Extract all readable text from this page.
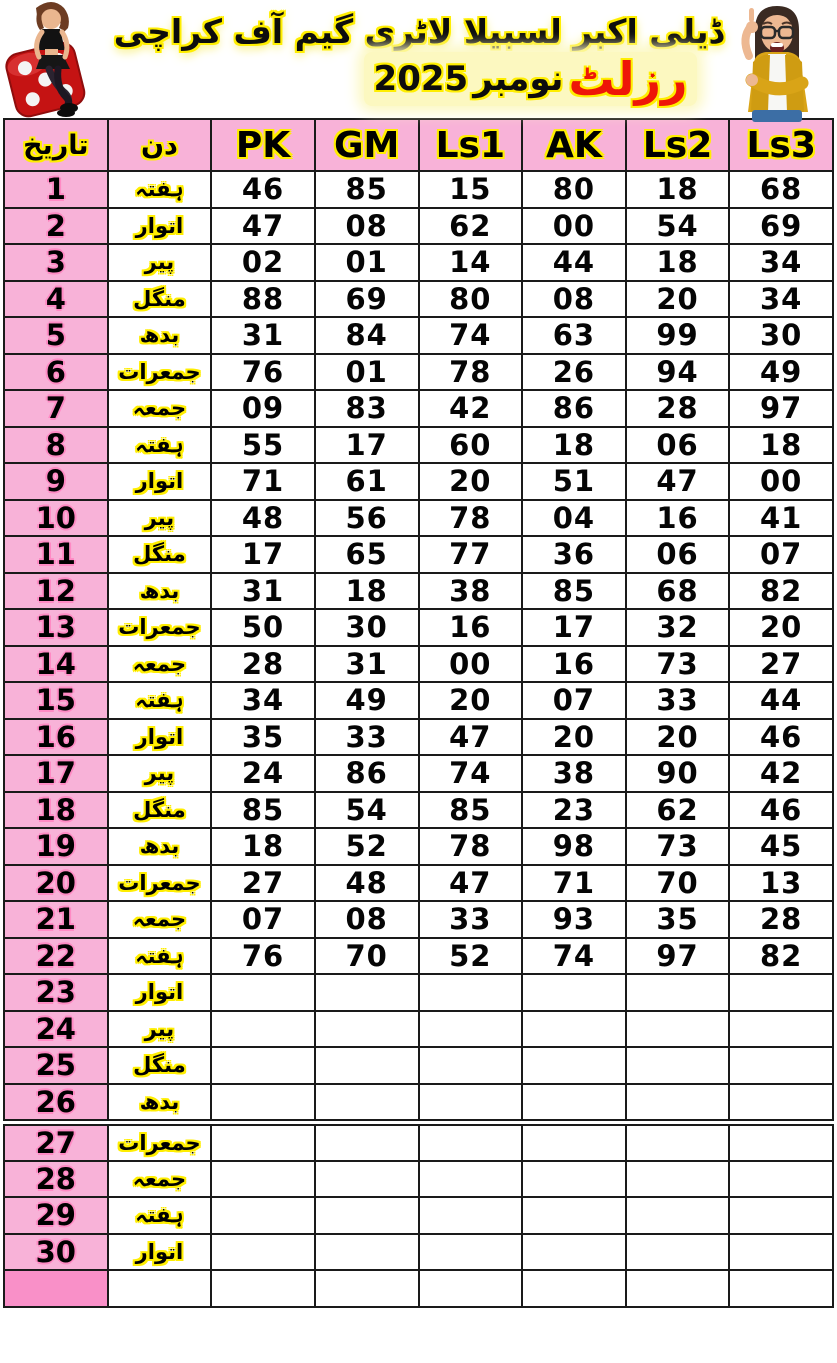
ڈیلی اکبر لسبیلا لاٹری گیم آف کراچی
رزلٹ نومبر 2025
تاریخ	دن	PK	GM	Ls1	AK	Ls2	Ls3
1	ہفتہ	46	85	15	80	18	68
2	اتوار	47	08	62	00	54	69
3	پیر	02	01	14	44	18	34
4	منگل	88	69	80	08	20	34
5	بدھ	31	84	74	63	99	30
6	جمعرات	76	01	78	26	94	49
7	جمعہ	09	83	42	86	28	97
8	ہفتہ	55	17	60	18	06	18
9	اتوار	71	61	20	51	47	00
10	پیر	48	56	78	04	16	41
11	منگل	17	65	77	36	06	07
12	بدھ	31	18	38	85	68	82
13	جمعرات	50	30	16	17	32	20
14	جمعہ	28	31	00	16	73	27
15	ہفتہ	34	49	20	07	33	44
16	اتوار	35	33	47	20	20	46
17	پیر	24	86	74	38	90	42
18	منگل	85	54	85	23	62	46
19	بدھ	18	52	78	98	73	45
20	جمعرات	27	48	47	71	70	13
21	جمعہ	07	08	33	93	35	28
22	ہفتہ	76	70	52	74	97	82
23	اتوار						
24	پیر						
25	منگل						
26	بدھ						
27	جمعرات						
28	جمعہ						
29	ہفتہ						
30	اتوار						
